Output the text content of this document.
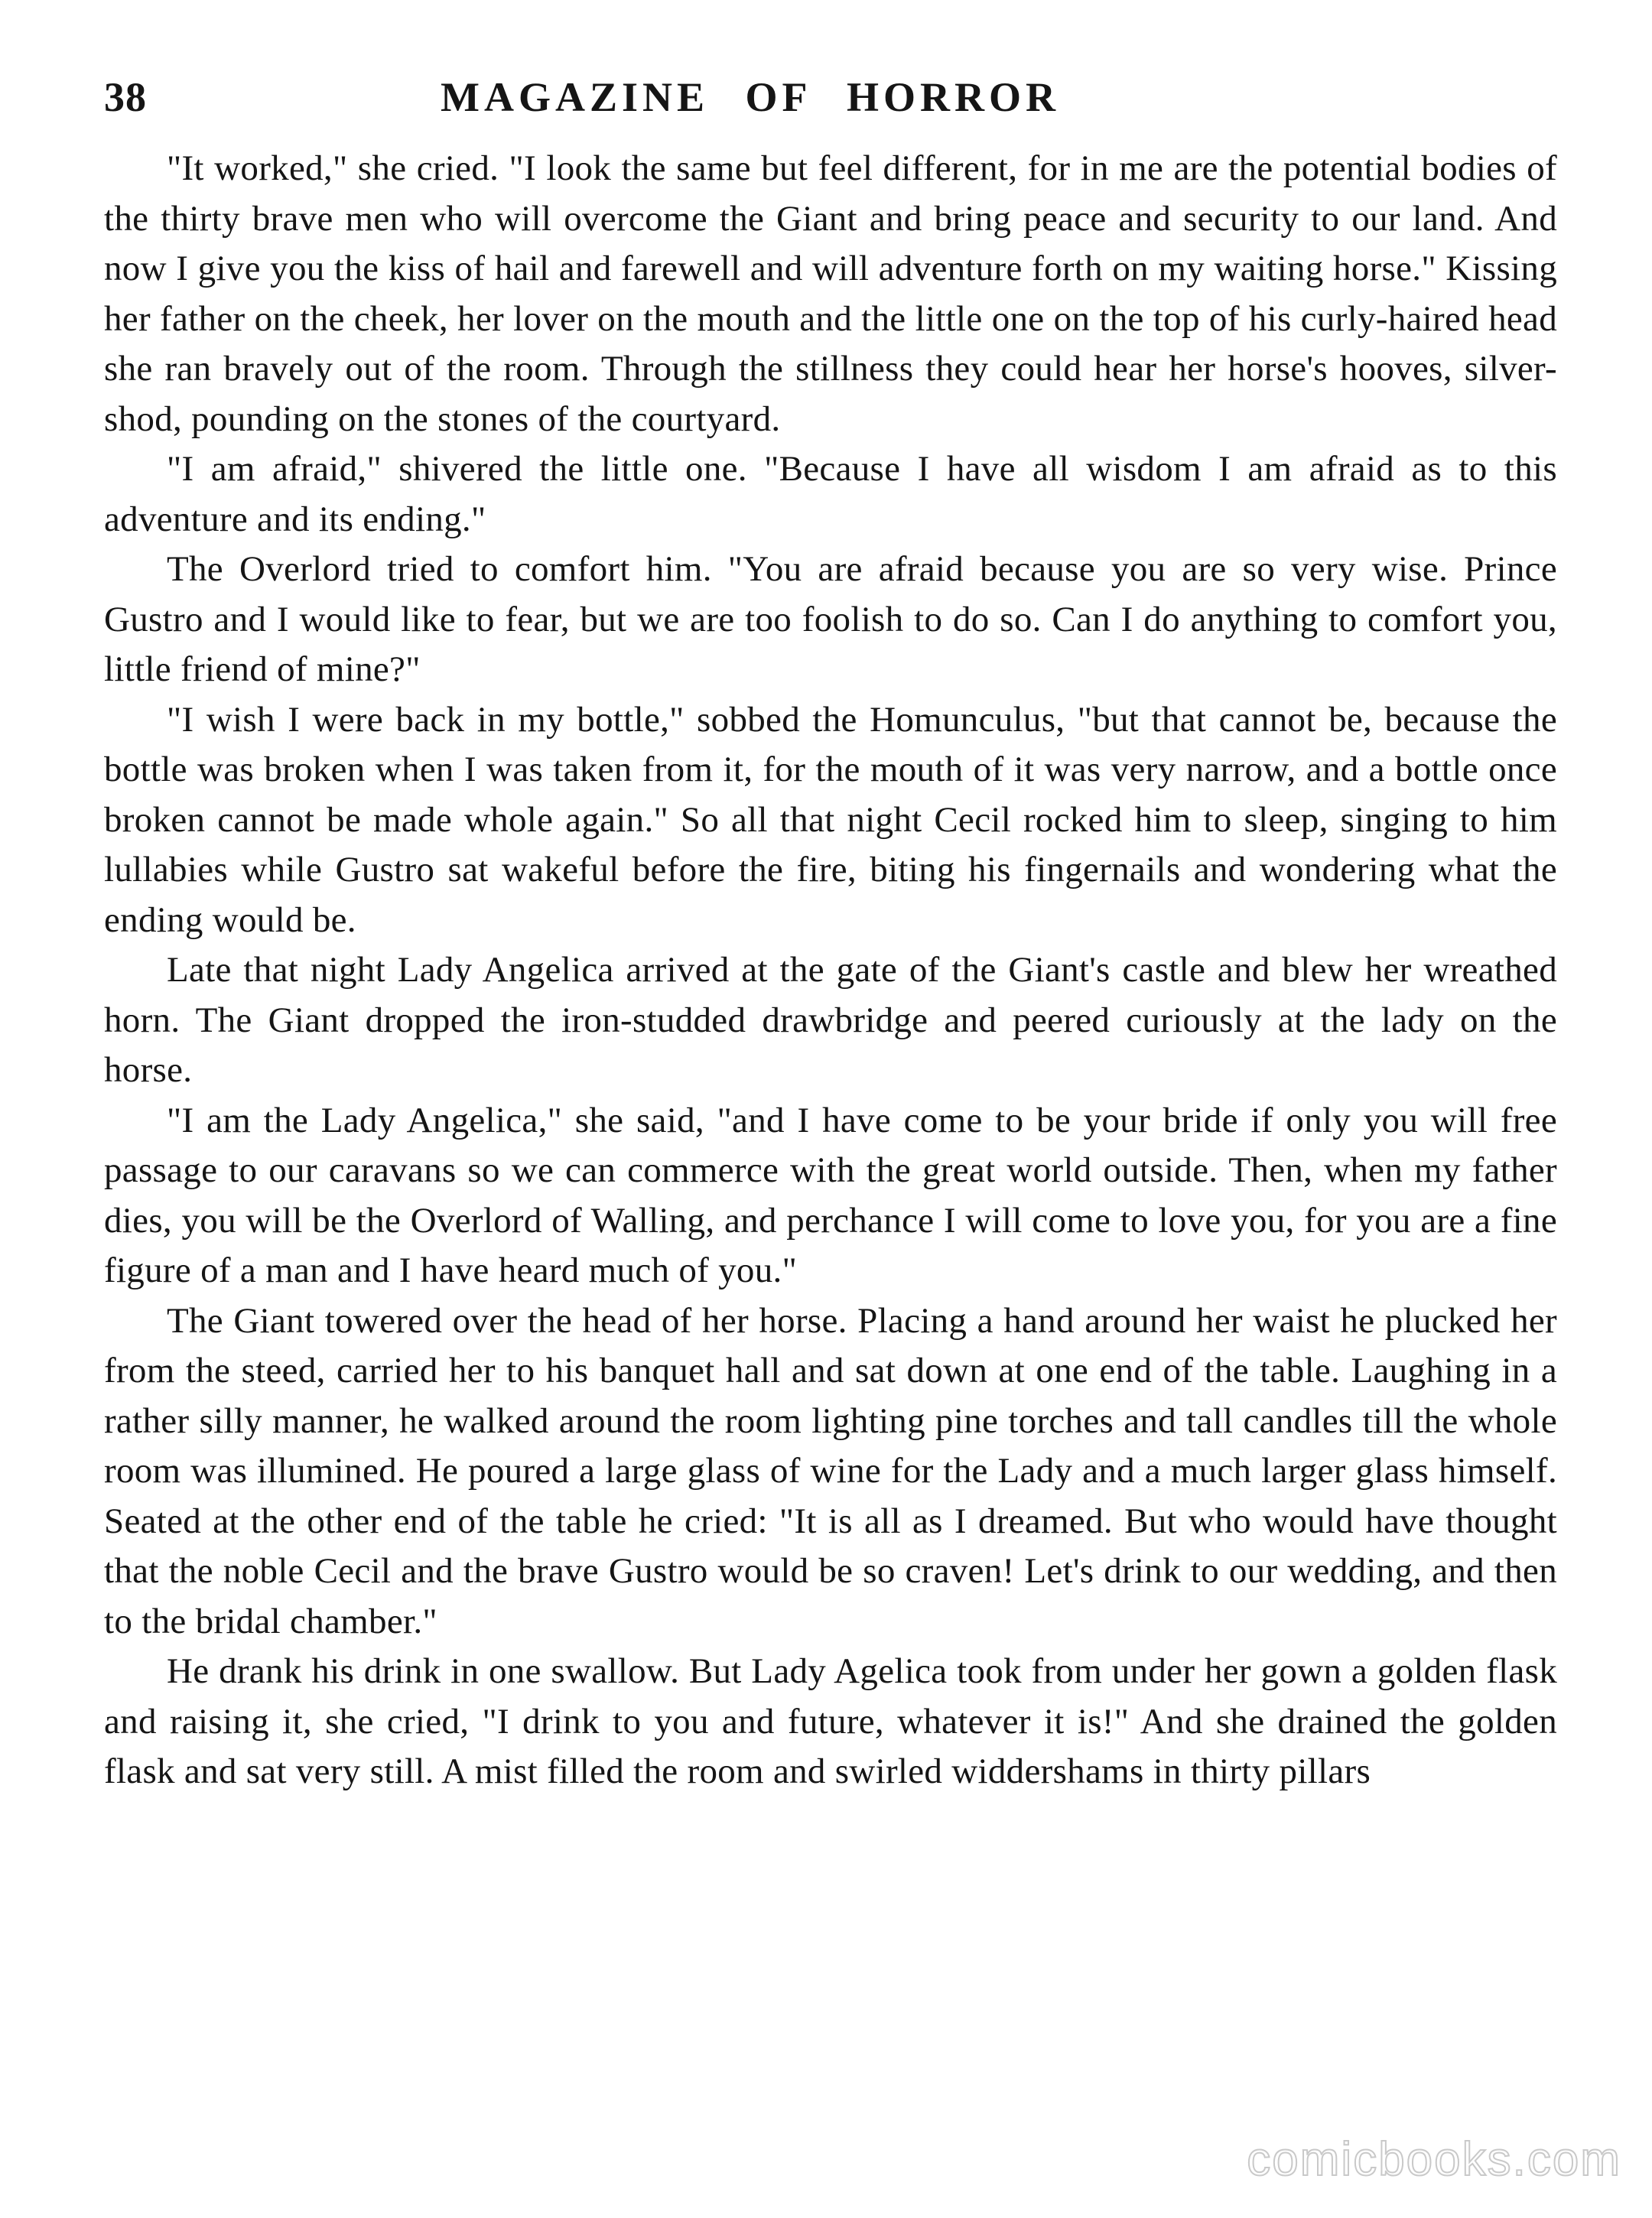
38	MAGAZINE OF HORROR

"It worked," she cried. "I look the same but feel different, for in me are the potential bodies of the thirty brave men who will overcome the Giant and bring peace and security to our land. And now I give you the kiss of hail and farewell and will adventure forth on my waiting horse." Kissing her father on the cheek, her lover on the mouth and the little one on the top of his curly-haired head she ran bravely out of the room. Through the stillness they could hear her horse's hooves, silver-shod, pounding on the stones of the courtyard.

"I am afraid," shivered the little one. "Because I have all wisdom I am afraid as to this adventure and its ending."

The Overlord tried to comfort him. "You are afraid because you are so very wise. Prince Gustro and I would like to fear, but we are too foolish to do so. Can I do anything to comfort you, little friend of mine?"

"I wish I were back in my bottle," sobbed the Homunculus, "but that cannot be, because the bottle was broken when I was taken from it, for the mouth of it was very narrow, and a bottle once broken cannot be made whole again." So all that night Cecil rocked him to sleep, singing to him lullabies while Gustro sat wakeful before the fire, biting his fingernails and wondering what the ending would be.

Late that night Lady Angelica arrived at the gate of the Giant's castle and blew her wreathed horn. The Giant dropped the iron-studded drawbridge and peered curiously at the lady on the horse.

"I am the Lady Angelica," she said, "and I have come to be your bride if only you will free passage to our caravans so we can commerce with the great world outside. Then, when my father dies, you will be the Overlord of Walling, and perchance I will come to love you, for you are a fine figure of a man and I have heard much of you."

The Giant towered over the head of her horse. Placing a hand around her waist he plucked her from the steed, carried her to his banquet hall and sat down at one end of the table. Laughing in a rather silly manner, he walked around the room lighting pine torches and tall candles till the whole room was illumined. He poured a large glass of wine for the Lady and a much larger glass himself. Seated at the other end of the table he cried: "It is all as I dreamed. But who would have thought that the noble Cecil and the brave Gustro would be so craven! Let's drink to our wedding, and then to the bridal chamber."

He drank his drink in one swallow. But Lady Agelica took from under her gown a golden flask and raising it, she cried, "I drink to you and future, whatever it is!" And she drained the golden flask and sat very still. A mist filled the room and swirled widdershams in thirty pillars

comicbooks.com
